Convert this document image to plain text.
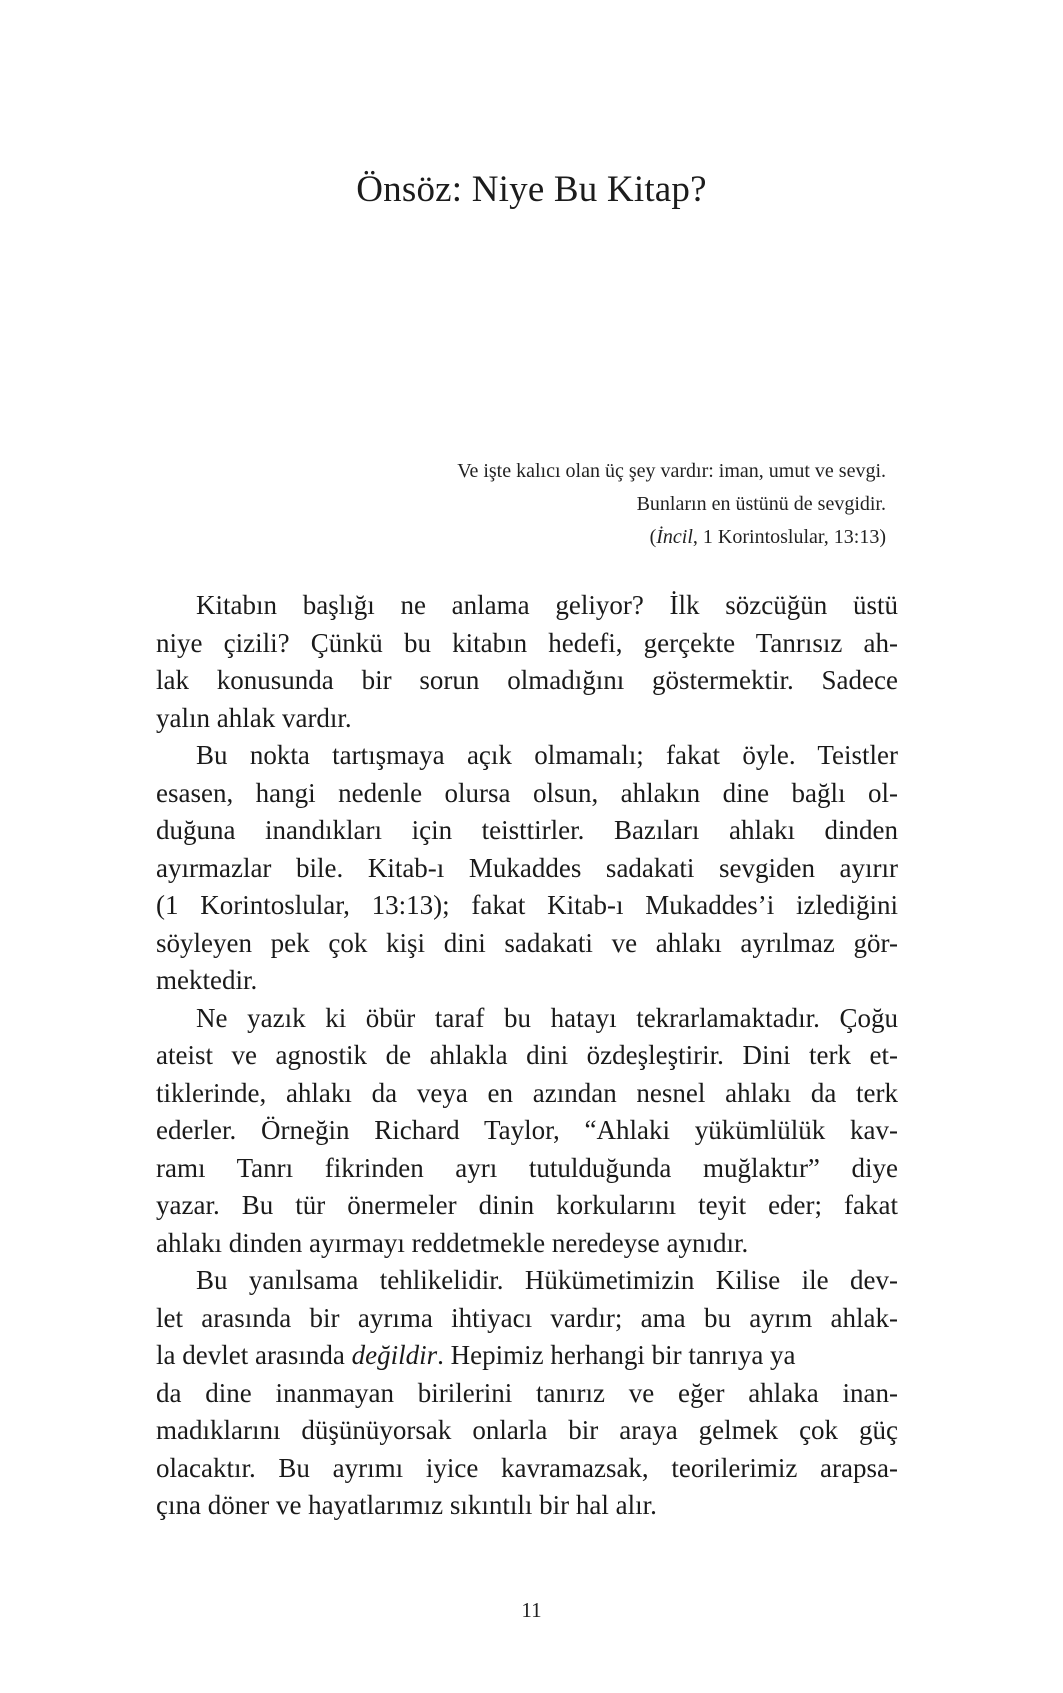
Önsöz: Niye Bu Kitap?
Ve işte kalıcı olan üç şey vardır: iman, umut ve sevgi.
Bunların en üstünü de sevgidir.
(İncil, 1 Korintoslular, 13:13)
Kitabın başlığı ne anlama geliyor? İlk sözcüğün üstü
niye çizili? Çünkü bu kitabın hedefi, gerçekte Tanrısız ah-
lak konusunda bir sorun olmadığını göstermektir. Sadece
yalın ahlak vardır.
Bu nokta tartışmaya açık olmamalı; fakat öyle. Teistler
esasen, hangi nedenle olursa olsun, ahlakın dine bağlı ol-
duğuna inandıkları için teisttirler. Bazıları ahlakı dinden
ayırmazlar bile. Kitab-ı Mukaddes sadakati sevgiden ayırır
(1 Korintoslular, 13:13); fakat Kitab-ı Mukaddes’i izlediğini
söyleyen pek çok kişi dini sadakati ve ahlakı ayrılmaz gör-
mektedir.
Ne yazık ki öbür taraf bu hatayı tekrarlamaktadır. Çoğu
ateist ve agnostik de ahlakla dini özdeşleştirir. Dini terk et-
tiklerinde, ahlakı da veya en azından nesnel ahlakı da terk
ederler. Örneğin Richard Taylor, “Ahlaki yükümlülük kav-
ramı Tanrı fikrinden ayrı tutulduğunda muğlaktır” diye
yazar. Bu tür önermeler dinin korkularını teyit eder; fakat
ahlakı dinden ayırmayı reddetmekle neredeyse aynıdır.
Bu yanılsama tehlikelidir. Hükümetimizin Kilise ile dev-
let arasında bir ayrıma ihtiyacı vardır; ama bu ayrım ahlak-
la devlet arasında değildir. Hepimiz herhangi bir tanrıya ya
da dine inanmayan birilerini tanırız ve eğer ahlaka inan-
madıklarını düşünüyorsak onlarla bir araya gelmek çok güç
olacaktır. Bu ayrımı iyice kavramazsak, teorilerimiz arapsa-
çına döner ve hayatlarımız sıkıntılı bir hal alır.
11
